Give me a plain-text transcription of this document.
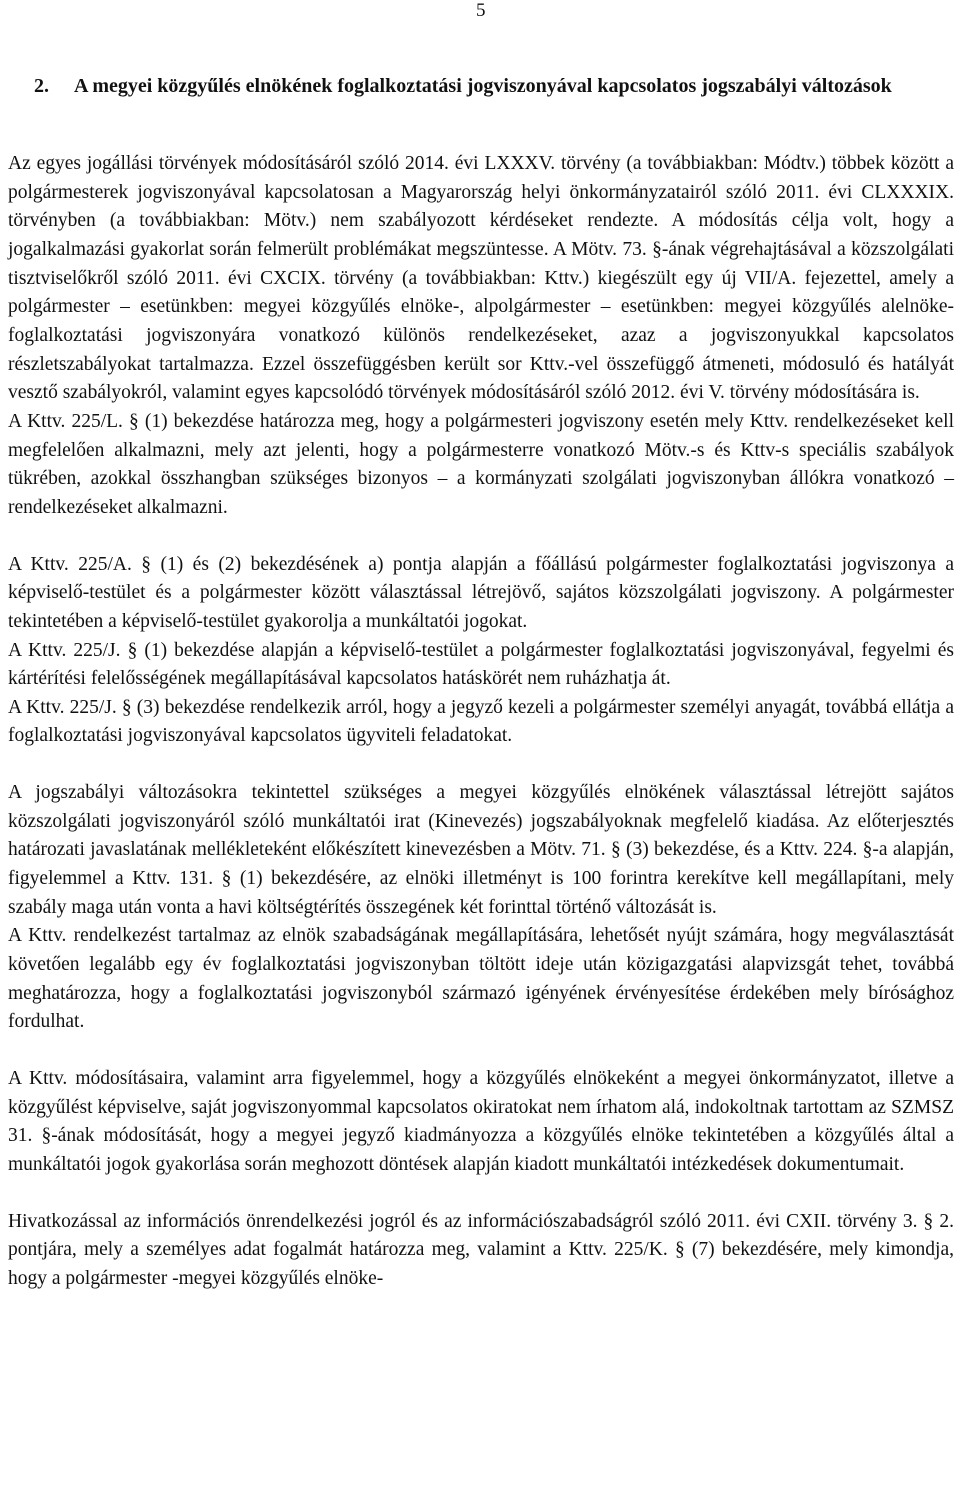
5
2. A megyei közgyűlés elnökének foglalkoztatási jogviszonyával kapcsolatos jogszabályi változások

Az egyes jogállási törvények módosításáról szóló 2014. évi LXXXV. törvény (a továbbiakban: Módtv.) többek között a polgármesterek jogviszonyával kapcsolatosan a Magyarország helyi önkormányzatairól szóló 2011. évi CLXXXIX. törvényben (a továbbiakban: Mötv.) nem szabályozott kérdéseket rendezte. A módosítás célja volt, hogy a jogalkalmazási gyakorlat során felmerült problémákat megszüntesse. A Mötv. 73. §-ának végrehajtásával a közszolgálati tisztviselőkről szóló 2011. évi CXCIX. törvény (a továbbiakban: Kttv.) kiegészült egy új VII/A. fejezettel, amely a polgármester – esetünkben: megyei közgyűlés elnöke-, alpolgármester – esetünkben: megyei közgyűlés alelnöke- foglalkoztatási jogviszonyára vonatkozó különös rendelkezéseket, azaz a jogviszonyukkal kapcsolatos részletszabályokat tartalmazza. Ezzel összefüggésben került sor Kttv.-vel összefüggő átmeneti, módosuló és hatályát vesztő szabályokról, valamint egyes kapcsolódó törvények módosításáról szóló 2012. évi V. törvény módosítására is.

A Kttv. 225/L. § (1) bekezdése határozza meg, hogy a polgármesteri jogviszony esetén mely Kttv. rendelkezéseket kell megfelelően alkalmazni, mely azt jelenti, hogy a polgármesterre vonatkozó Mötv.-s és Kttv-s speciális szabályok tükrében, azokkal összhangban szükséges bizonyos – a kormányzati szolgálati jogviszonyban állókra vonatkozó – rendelkezéseket alkalmazni.

A Kttv. 225/A. § (1) és (2) bekezdésének a) pontja alapján a főállású polgármester foglalkoztatási jogviszonya a képviselő-testület és a polgármester között választással létrejövő, sajátos közszolgálati jogviszony. A polgármester tekintetében a képviselő-testület gyakorolja a munkáltatói jogokat.

A Kttv. 225/J. § (1) bekezdése alapján a képviselő-testület a polgármester foglalkoztatási jogviszonyával, fegyelmi és kártérítési felelősségének megállapításával kapcsolatos hatáskörét nem ruházhatja át.

A Kttv. 225/J. § (3) bekezdése rendelkezik arról, hogy a jegyző kezeli a polgármester személyi anyagát, továbbá ellátja a foglalkoztatási jogviszonyával kapcsolatos ügyviteli feladatokat.

A jogszabályi változásokra tekintettel szükséges a megyei közgyűlés elnökének választással létrejött sajátos közszolgálati jogviszonyáról szóló munkáltatói irat (Kinevezés) jogszabályoknak megfelelő kiadása. Az előterjesztés határozati javaslatának mellékleteként előkészített kinevezésben a Mötv. 71. § (3) bekezdése, és a Kttv. 224. §-a alapján, figyelemmel a Kttv. 131. § (1) bekezdésére, az elnöki illetményt is 100 forintra kerekítve kell megállapítani, mely szabály maga után vonta a havi költségtérítés összegének két forinttal történő változását is.

A Kttv. rendelkezést tartalmaz az elnök szabadságának megállapítására, lehetősét nyújt számára, hogy megválasztását követően legalább egy év foglalkoztatási jogviszonyban töltött ideje után közigazgatási alapvizsgát tehet, továbbá meghatározza, hogy a foglalkoztatási jogviszonyból származó igényének érvényesítése érdekében mely bírósághoz fordulhat.

A Kttv. módosításaira, valamint arra figyelemmel, hogy a közgyűlés elnökeként a megyei önkormányzatot, illetve a közgyűlést képviselve, saját jogviszonyommal kapcsolatos okiratokat nem írhatom alá, indokoltnak tartottam az SZMSZ 31. §-ának módosítását, hogy a megyei jegyző kiadmányozza a közgyűlés elnöke tekintetében a közgyűlés által a munkáltatói jogok gyakorlása során meghozott döntések alapján kiadott munkáltatói intézkedések dokumentumait.

Hivatkozással az információs önrendelkezési jogról és az információszabadságról szóló 2011. évi CXII. törvény 3. § 2. pontjára, mely a személyes adat fogalmát határozza meg, valamint a Kttv. 225/K. § (7) bekezdésére, mely kimondja, hogy a polgármester -megyei közgyűlés elnöke-
